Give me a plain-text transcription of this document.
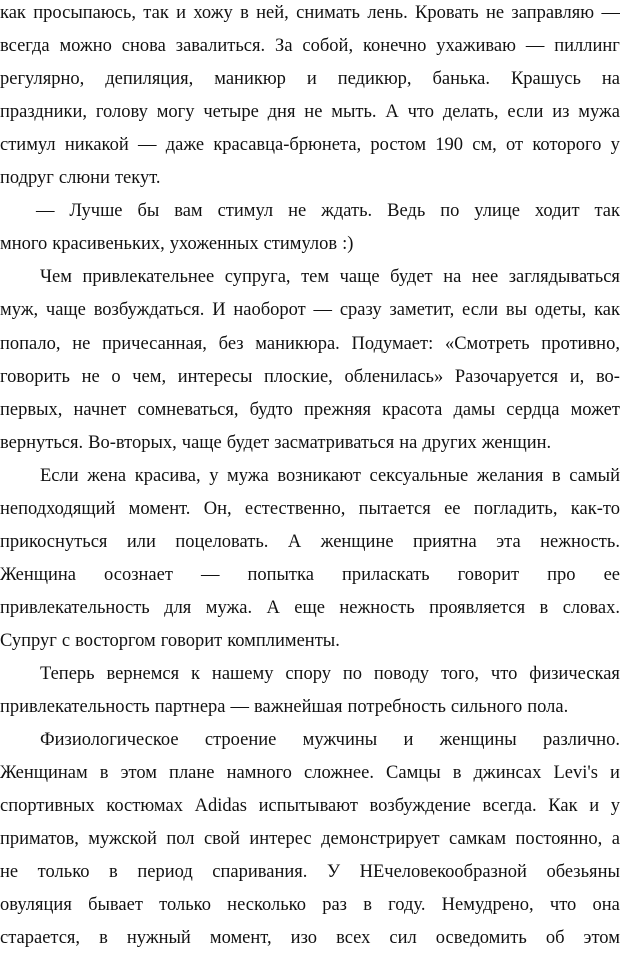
как просыпаюсь, так и хожу в ней, снимать лень. Кровать не заправляю —
всегда можно снова завалиться. За собой, конечно ухаживаю — пиллинг
регулярно, депиляция, маникюр и педикюр, банька. Крашусь на
праздники, голову могу четыре дня не мыть. А что делать, если из мужа
стимул никакой — даже красавца-брюнета, ростом 190 см, от которого у
подруг слюни текут.
— Лучше бы вам стимул не ждать. Ведь по улице ходит так
много красивеньких, ухоженных стимулов :)
Чем привлекательнее супруга, тем чаще будет на нее заглядываться
муж, чаще возбуждаться. И наоборот — сразу заметит, если вы одеты, как
попало, не причесанная, без маникюра. Подумает: «Смотреть противно,
говорить не о чем, интересы плоские, обленилась» Разочаруется и, во-
первых, начнет сомневаться, будто прежняя красота дамы сердца может
вернуться. Во-вторых, чаще будет засматриваться на других женщин.
Если жена красива, у мужа возникают сексуальные желания в самый
неподходящий момент. Он, естественно, пытается ее погладить, как-то
прикоснуться или поцеловать. А женщине приятна эта нежность.
Женщина осознает — попытка приласкать говорит про ее
привлекательность для мужа. А еще нежность проявляется в словах.
Супруг с восторгом говорит комплименты.
Теперь вернемся к нашему спору по поводу того, что физическая
привлекательность партнера — важнейшая потребность сильного пола.
Физиологическое строение мужчины и женщины различно.
Женщинам в этом плане намного сложнее. Самцы в джинсах Levi's и
спортивных костюмах Adidas испытывают возбуждение всегда. Как и у
приматов, мужской пол свой интерес демонстрирует самкам постоянно, а
не только в период спаривания. У НЕчеловекообразной обезьяны
овуляция бывает только несколько раз в году. Немудрено, что она
старается, в нужный момент, изо всех сил осведомить об этом
